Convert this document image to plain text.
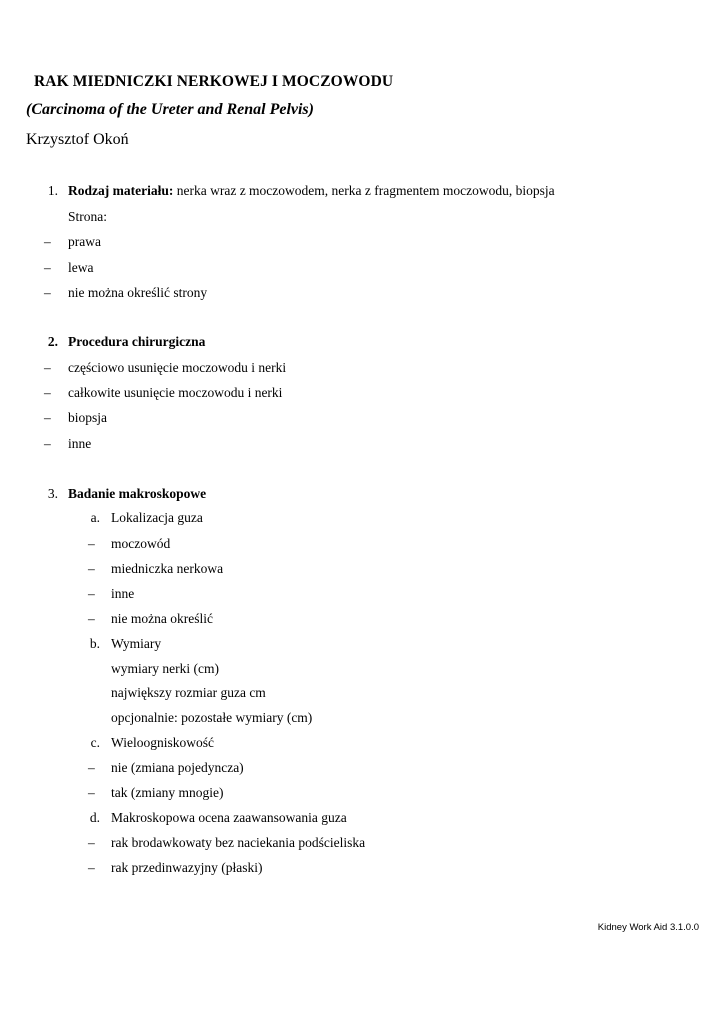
RAK MIEDNICZKI NERKOWEJ I MOCZOWODU
(Carcinoma of the Ureter and Renal Pelvis)
Krzysztof Okoń
1. Rodzaj materiału: nerka wraz z moczowodem, nerka z fragmentem moczowodu, biopsja
Strona:
– prawa
– lewa
– nie można określić strony
2. Procedura chirurgiczna
– częściowo usunięcie moczowodu i nerki
– całkowite usunięcie moczowodu i nerki
– biopsja
– inne
3. Badanie makroskopowe
a. Lokalizacja guza
– moczowód
– miedniczka nerkowa
– inne
– nie można określić
b. Wymiary
wymiary nerki (cm)
największy rozmiar guza cm
opcjonalnie: pozostałe wymiary (cm)
c. Wieloogniskowość
– nie (zmiana pojedyncza)
– tak (zmiany mnogie)
d. Makroskopowa ocena zaawansowania guza
– rak brodawkowaty bez naciekania podścieliska
– rak przedinwazyjny (płaski)
Kidney Work Aid 3.1.0.0
